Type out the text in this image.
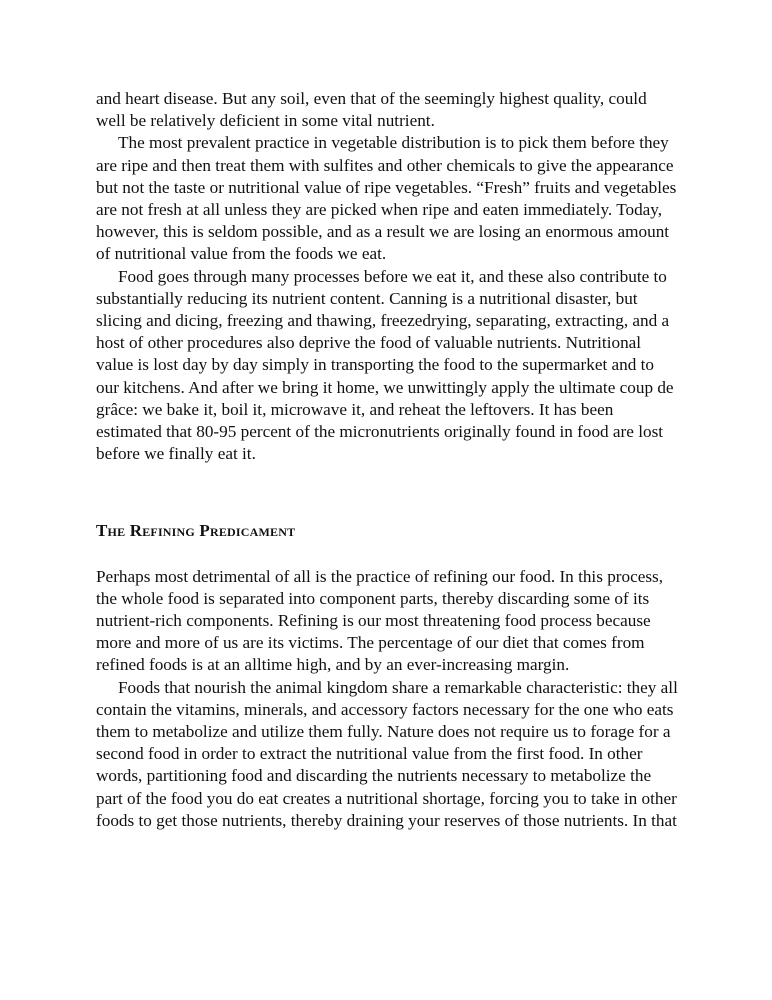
and heart disease. But any soil, even that of the seemingly highest quality, could well be relatively deficient in some vital nutrient.

The most prevalent practice in vegetable distribution is to pick them before they are ripe and then treat them with sulfites and other chemicals to give the appearance but not the taste or nutritional value of ripe vegetables. “Fresh” fruits and vegetables are not fresh at all unless they are picked when ripe and eaten immediately. Today, however, this is seldom possible, and as a result we are losing an enormous amount of nutritional value from the foods we eat.

Food goes through many processes before we eat it, and these also contribute to substantially reducing its nutrient content. Canning is a nutritional disaster, but slicing and dicing, freezing and thawing, freezedrying, separating, extracting, and a host of other procedures also deprive the food of valuable nutrients. Nutritional value is lost day by day simply in transporting the food to the supermarket and to our kitchens. And after we bring it home, we unwittingly apply the ultimate coup de grâce: we bake it, boil it, microwave it, and reheat the leftovers. It has been estimated that 80-95 percent of the micronutrients originally found in food are lost before we finally eat it.

The Refining Predicament

Perhaps most detrimental of all is the practice of refining our food. In this process, the whole food is separated into component parts, thereby discarding some of its nutrient-rich components. Refining is our most threatening food process because more and more of us are its victims. The percentage of our diet that comes from refined foods is at an alltime high, and by an ever-increasing margin.

Foods that nourish the animal kingdom share a remarkable characteristic: they all contain the vitamins, minerals, and accessory factors necessary for the one who eats them to metabolize and utilize them fully. Nature does not require us to forage for a second food in order to extract the nutritional value from the first food. In other words, partitioning food and discarding the nutrients necessary to metabolize the part of the food you do eat creates a nutritional shortage, forcing you to take in other foods to get those nutrients, thereby draining your reserves of those nutrients. In that
